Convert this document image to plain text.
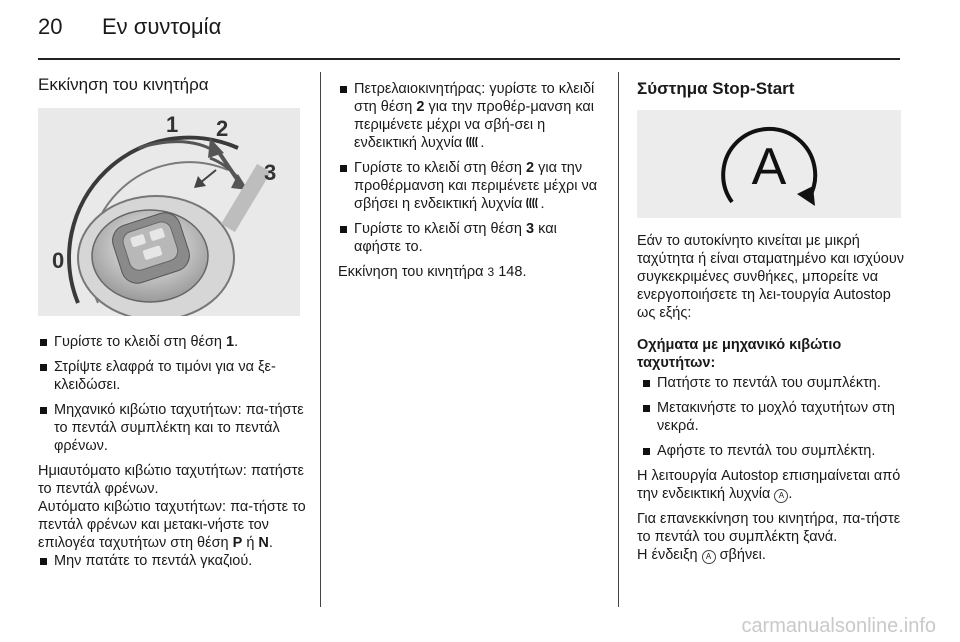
20 Εν συντομία

Εκκίνηση του κινητήρα

1 2
3
0
Γυρίστε το κλειδί στη θέση 1.
Στρίψτε ελαφρά το τιμόνι για να ξε-κλειδώσει.
Μηχανικό κιβώτιο ταχυτήτων: πα-τήστε το πεντάλ συμπλέκτη και το πεντάλ φρένων.

Ημιαυτόματο κιβώτιο ταχυτήτων: πατήστε το πεντάλ φρένων.

Αυτόματο κιβώτιο ταχυτήτων: πα-τήστε το πεντάλ φρένων και μετακι-νήστε τον επιλογέα ταχυτήτων στη θέση P ή N.

Μην πατάτε το πεντάλ γκαζιού.
Πετρελαιοκινητήρας: γυρίστε το κλειδί στη θέση 2 για την προθέρ-μανση και περιμένετε μέχρι να σβή-σει η ενδεικτική λυχνία .
Γυρίστε το κλειδί στη θέση 2 για την προθέρμανση και περιμένετε μέχρι να σβήσει η ενδεικτική λυχνία .
Γυρίστε το κλειδί στη θέση 3 και αφήστε το.

Εκκίνηση του κινητήρα 3 148.

Σύστημα Stop-Start

A

Εάν το αυτοκίνητο κινείται με μικρή ταχύτητα ή είναι σταματημένο και ισχύουν συγκεκριμένες συνθήκες, μπορείτε να ενεργοποιήσετε τη λει-τουργία Autostop ως εξής:

Οχήματα με μηχανικό κιβώτιο ταχυτήτων:

Πατήστε το πεντάλ του συμπλέκτη.
Μετακινήστε το μοχλό ταχυτήτων στη νεκρά.
Αφήστε το πεντάλ του συμπλέκτη.

Η λειτουργία Autostop επισημαίνεται από την ενδεικτική λυχνία A .

Για επανεκκίνηση του κινητήρα, πα-τήστε το πεντάλ του συμπλέκτη ξανά.

Η ένδειξη A σβήνει.

carmanualsonline.info
